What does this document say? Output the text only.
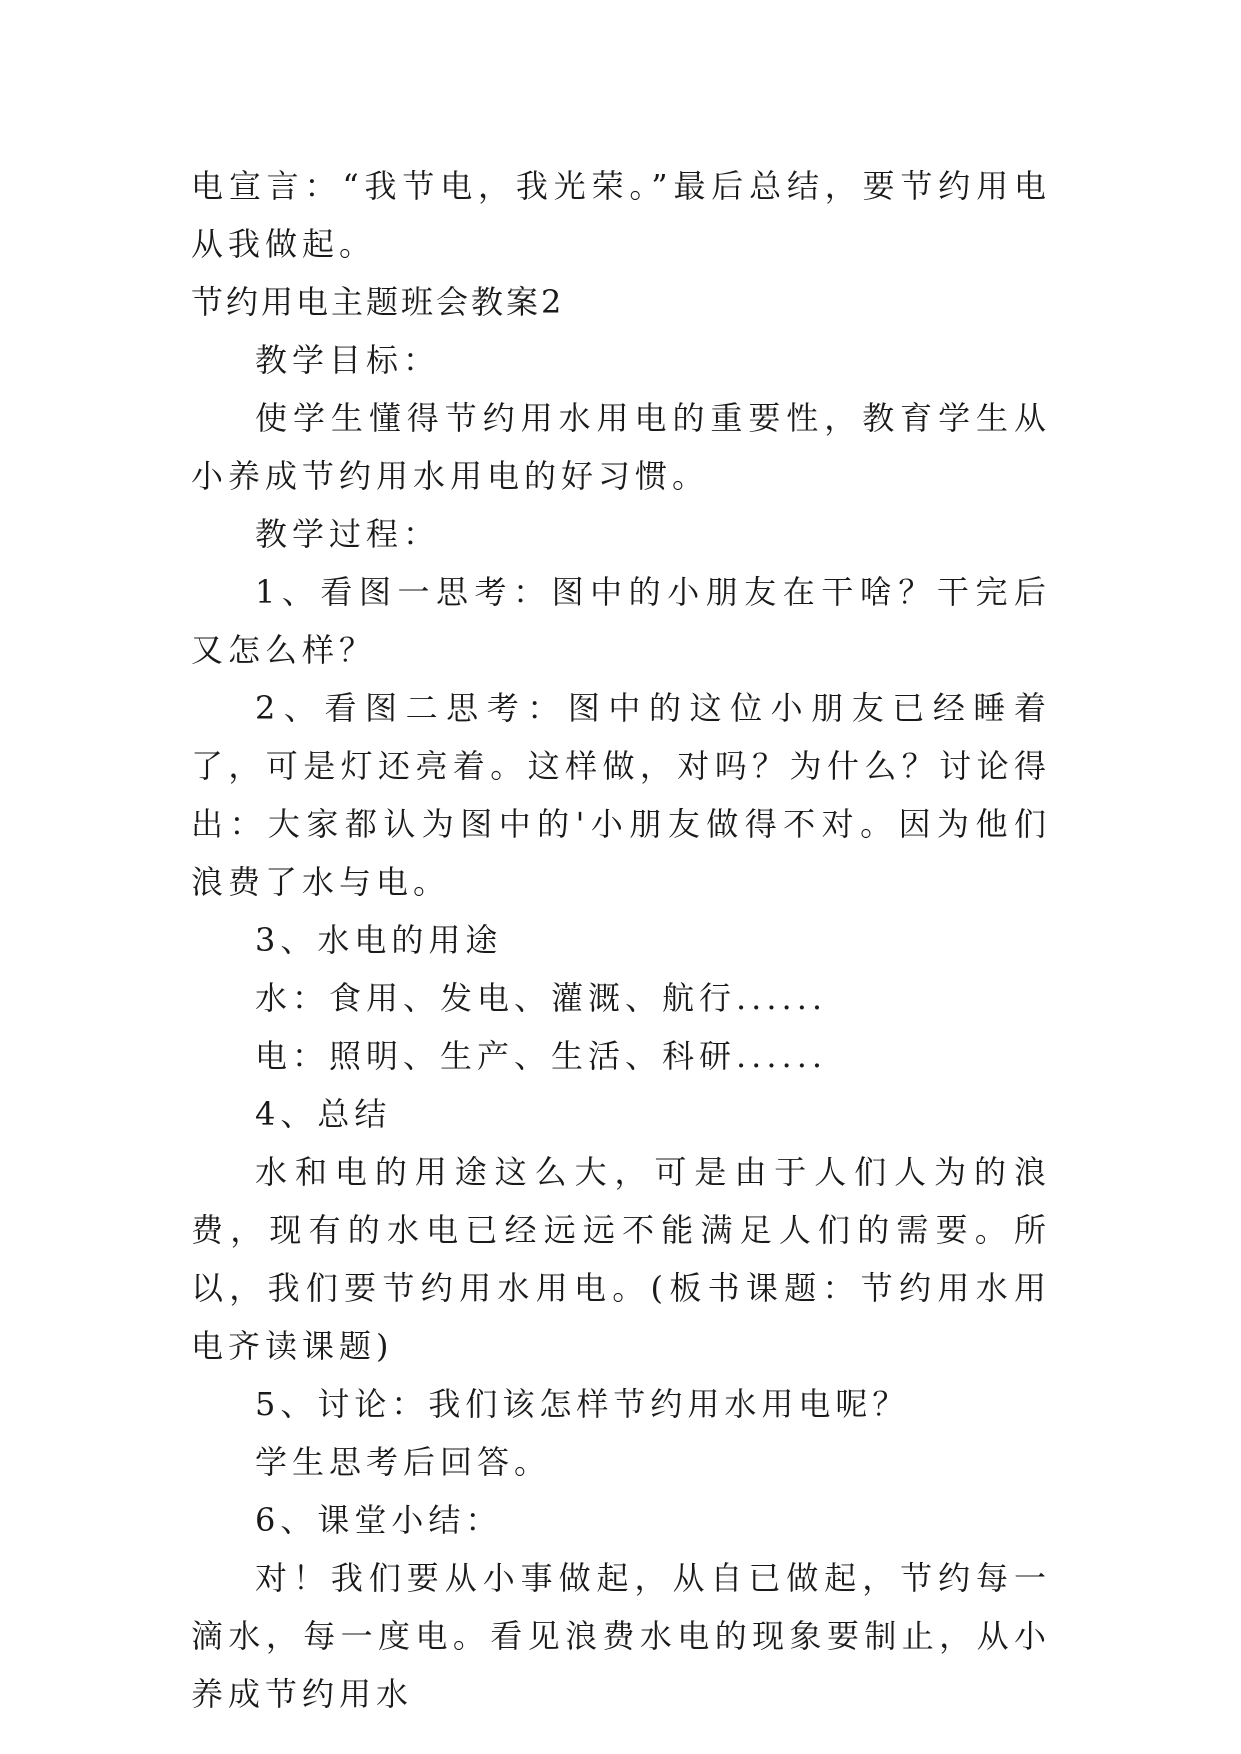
电宣言：“我节电，我光荣。”最后总结，要节约用电从我做起。

节约用电主题班会教案2

教学目标：

使学生懂得节约用水用电的重要性，教育学生从小养成节约用水用电的好习惯。

教学过程：

1、看图一思考：图中的小朋友在干啥？干完后又怎么样？

2、看图二思考：图中的这位小朋友已经睡着了，可是灯还亮着。这样做，对吗？为什么？讨论得出：大家都认为图中的'小朋友做得不对。因为他们浪费了水与电。

3、水电的用途

水：食用、发电、灌溉、航行......

电：照明、生产、生活、科研......

4、总结

水和电的用途这么大，可是由于人们人为的浪费，现有的水电已经远远不能满足人们的需要。所以，我们要节约用水用电。(板书课题：节约用水用电齐读课题)

5、讨论：我们该怎样节约用水用电呢？

学生思考后回答。

6、课堂小结：

对！我们要从小事做起，从自已做起，节约每一滴水，每一度电。看见浪费水电的现象要制止，从小养成节约用水
